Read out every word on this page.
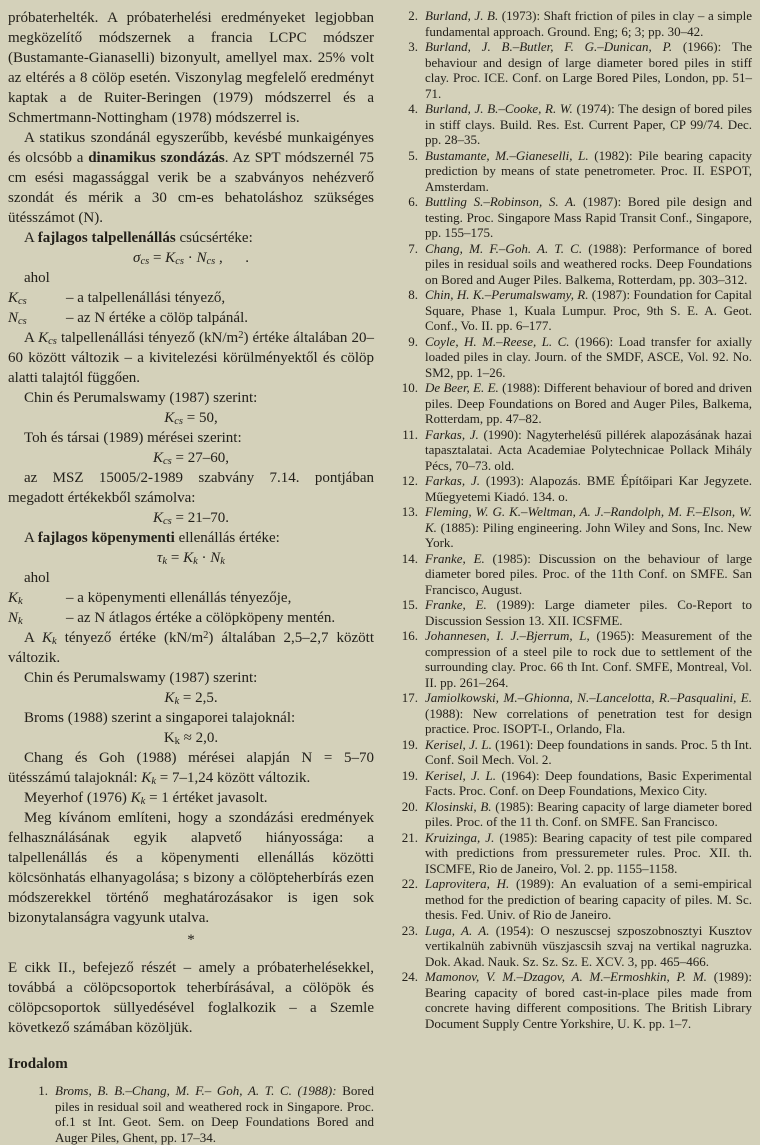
próbaterhelték. A próbaterhelési eredményeket legjobban megközelítő módszernek a francia LCPC módszer (Bustamante-Gianaselli) bizonyult, amellyel max. 25% volt az eltérés a 8 cölöp esetén. Viszonylag megfelelő eredményt kaptak a de Ruiter-Beringen (1979) módszerrel és a Schmertmann-Nottingham (1978) módszerrel is.

A statikus szondánál egyszerűbb, kevésbé munkaigényes és olcsóbb a dinamikus szondázás. Az SPT módszernél 75 cm esési magassággal verik be a szabványos nehézverő szondát és mérik a 30 cm-es behatoláshoz szükséges ütésszámot (N).

A fajlagos talpellenállás csúcsértéke:

$\sigma_{cs} = K_{cs} \cdot N_{cs}$ ,      .

ahol

$K_{cs}$	– a talpellenállási tényező,
$N_{cs}$	– az N értéke a cölöp talpánál.

A $K_{cs}$ talpellenállási tényező $(kN/m^2)$ értéke általában 20–60 között változik – a kivitelezési körülményektől és cölöp alatti talajtól függően.

Chin és Perumalswamy (1987) szerint:

$K_{cs} = 50$,

Toh és társai (1989) mérései szerint:

$K_{cs} = 27-60$,

az MSZ 15005/2-1989 szabvány 7.14. pontjában megadott értékekből számolva:

$K_{cs} = 21-70$.

A fajlagos köpenymenti ellenállás értéke:

$\tau_k = K_k \cdot N_k$

ahol

$K_k$	– a köpenymenti ellenállás tényezője,
$N_k$	– az N átlagos értéke a cölöpköpeny mentén.

A $K_k$ tényező értéke $(kN/m^2)$ általában 2,5–2,7 között változik.

Chin és Perumalswamy (1987) szerint:

$K_k = 2,5$.

Broms (1988) szerint a singaporei talajoknál:

$K_k \approx 2,0$.

Chang és Goh (1988) mérései alapján N = 5–70 ütésszámú talajoknál: $K_k = 7-1,24$ között változik.

Meyerhof (1976) $K_k = 1$ értéket javasolt.

Meg kívánom említeni, hogy a szondázási eredmények felhasználásának egyik alapvető hiányossága: a talpellenállás és a köpenymenti ellenállás közötti kölcsönhatás elhanyagolása; s bizony a cölöpteherbírás ezen módszerekkel történő meghatározásakor is igen sok bizonytalanságra vagyunk utalva.

*

E cikk II., befejező részét – amely a próbaterhelésekkel, továbbá a cölöpcsoportok teherbírásával, a cölöpök és cölöpcsoportok süllyedésével foglalkozik – a Szemle következő számában közöljük.

Irodalom
1. Broms, B. B.–Chang, M. F.– Goh, A. T. C. (1988): Bored piles in residual soil and weathered rock in Singapore. Proc. of.1 st Int. Geot. Sem. on Deep Foundations Bored and Auger Piles, Ghent, pp. 17–34.
2. Burland, J. B. (1973): Shaft friction of piles in clay – a simple fundamental approach. Ground. Eng; 6; 3; pp. 30–42.
3. Burland, J. B.–Butler, F. G.–Dunican, P. (1966): The behaviour and design of large diameter bored piles in stiff clay. Proc. ICE. Conf. on Large Bored Piles, London, pp. 51–71.
4. Burland, J. B.–Cooke, R. W. (1974): The design of bored piles in stiff clays. Build. Res. Est. Current Paper, CP 99/74. Dec. pp. 28–35.
5. Bustamante, M.–Gianeselli, L. (1982): Pile bearing capacity prediction by means of state penetrometer. Proc. II. ESPOT, Amsterdam.
6. Buttling S.–Robinson, S. A. (1987): Bored pile design and testing. Proc. Singapore Mass Rapid Transit Conf., Singapore, pp. 155–175.
7. Chang, M. F.–Goh. A. T. C. (1988): Performance of bored piles in residual soils and weathered rocks. Deep Foundations on Bored and Auger Piles. Balkema, Rotterdam, pp. 303–312.
8. Chin, H. K.–Perumalswamy, R. (1987): Foundation for Capital Square, Phase 1, Kuala Lumpur. Proc, 9th S. E. A. Geot. Conf., Vo. II. pp. 6–177.
9. Coyle, H. M.–Reese, L. C. (1966): Load transfer for axially loaded piles in clay. Journ. of the SMDF, ASCE, Vol. 92. No. SM2, pp. 1–26.
10. De Beer, E. E. (1988): Different behaviour of bored and driven piles. Deep Foundations on Bored and Auger Piles, Balkema, Rotterdam, pp. 47–82.
11. Farkas, J. (1990): Nagyterhelésű pillérek alapozásának hazai tapasztalatai. Acta Academiae Polytechnicae Pollack Mihály Pécs, 70–73. old.
12. Farkas, J. (1993): Alapozás. BME Építőipari Kar Jegyzete. Műegyetemi Kiadó. 134. o.
13. Fleming, W. G. K.–Weltman, A. J.–Randolph, M. F.–Elson, W. K. (1885): Piling engineering. John Wiley and Sons, Inc. New York.
14. Franke, E. (1985): Discussion on the behaviour of large diameter bored piles. Proc. of the 11th Conf. on SMFE. San Francisco, August.
15. Franke, E. (1989): Large diameter piles. Co-Report to Discussion Session 13. XII. ICSFME.
16. Johannesen, I. J.–Bjerrum, L, (1965): Measurement of the compression of a steel pile to rock due to settlement of the surrounding clay. Proc. 66 th Int. Conf. SMFE, Montreal, Vol. II. pp. 261–264.
17. Jamiolkowski, M.–Ghionna, N.–Lancelotta, R.–Pasqualini, E. (1988): New correlations of penetration test for design practice. Proc. ISOPT-I., Orlando, Fla.
19. Kerisel, J. L. (1961): Deep foundations in sands. Proc. 5 th Int. Conf. Soil Mech. Vol. 2.
19. Kerisel, J. L. (1964): Deep foundations, Basic Experimental Facts. Proc. Conf. on Deep Foundations, Mexico City.
20. Klosinski, B. (1985): Bearing capacity of large diameter bored piles. Proc. of the 11 th. Conf. on SMFE. San Francisco.
21. Kruizinga, J. (1985): Bearing capacity of test pile compared with predictions from pressuremeter rules. Proc. XII. th. ISCMFE, Rio de Janeiro, Vol. 2. pp. 1155–1158.
22. Laprovitera, H. (1989): An evaluation of a semi-empirical method for the prediction of bearing capacity of piles. M. Sc. thesis. Fed. Univ. of Rio de Janeiro.
23. Luga, A. A. (1954): O neszuscsej szposzobnosztyi Kusztov vertikalnüh zabivnüh vüszjascsih szvaj na vertikal nagruzka. Dok. Akad. Nauk. Sz. Sz. Sz. E. XCV. 3, pp. 465–466.
24. Mamonov, V. M.–Dzagov, A. M.–Ermoshkin, P. M. (1989): Bearing capacity of bored cast-in-place piles made from concrete having different compositions. The British Library Document Supply Centre Yorkshire, U. K. pp. 1–7.
